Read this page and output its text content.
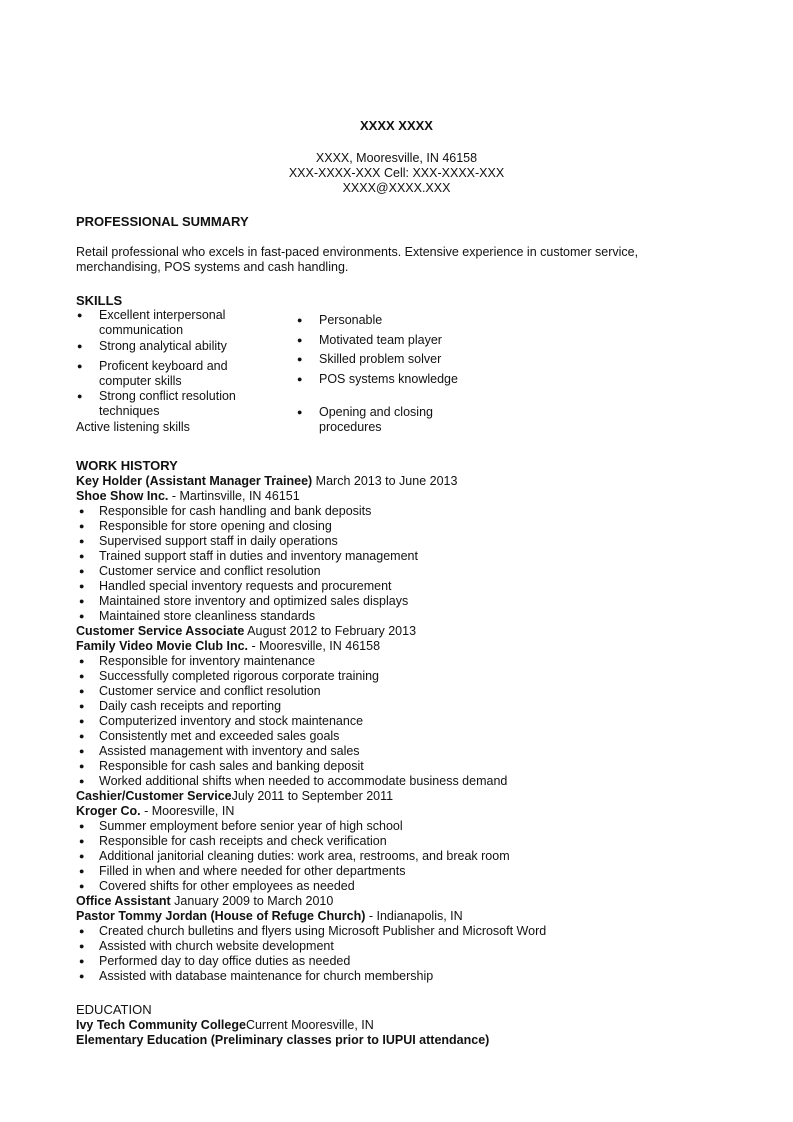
XXXX XXXX
XXXX, Mooresville, IN 46158
XXX-XXXX-XXX Cell: XXX-XXXX-XXX
XXXX@XXXX.XXX
PROFESSIONAL SUMMARY
Retail professional who excels in fast-paced environments. Extensive experience in customer service,
merchandising, POS systems and cash handling.
SKILLS
● Excellent interpersonal
communication
● Strong analytical ability
● Proficent keyboard and
computer skills
● Strong conflict resolution
techniques
Active listening skills
● Personable
● Motivated team player
● Skilled problem solver
● POS systems knowledge
● Opening and closing
procedures
WORK HISTORY
Key Holder (Assistant Manager Trainee) March 2013 to June 2013
Shoe Show Inc. - Martinsville, IN 46151
● Responsible for cash handling and bank deposits
● Responsible for store opening and closing
● Supervised support staff in daily operations
● Trained support staff in duties and inventory management
● Customer service and conflict resolution
● Handled special inventory requests and procurement
● Maintained store inventory and optimized sales displays
● Maintained store cleanliness standards
Customer Service Associate August 2012 to February 2013
Family Video Movie Club Inc. - Mooresville, IN 46158
● Responsible for inventory maintenance
● Successfully completed rigorous corporate training
● Customer service and conflict resolution
● Daily cash receipts and reporting
● Computerized inventory and stock maintenance
● Consistently met and exceeded sales goals
● Assisted management with inventory and sales
● Responsible for cash sales and banking deposit
● Worked additional shifts when needed to accommodate business demand
Cashier/Customer ServiceJuly 2011 to September 2011
Kroger Co. - Mooresville, IN
● Summer employment before senior year of high school
● Responsible for cash receipts and check verification
● Additional janitorial cleaning duties: work area, restrooms, and break room
● Filled in when and where needed for other departments
● Covered shifts for other employees as needed
Office Assistant January 2009 to March 2010
Pastor Tommy Jordan (House of Refuge Church) - Indianapolis, IN
● Created church bulletins and flyers using Microsoft Publisher and Microsoft Word
● Assisted with church website development
● Performed day to day office duties as needed
● Assisted with database maintenance for church membership
EDUCATION
Ivy Tech Community CollegeCurrent Mooresville, IN
Elementary Education (Preliminary classes prior to IUPUI attendance)
